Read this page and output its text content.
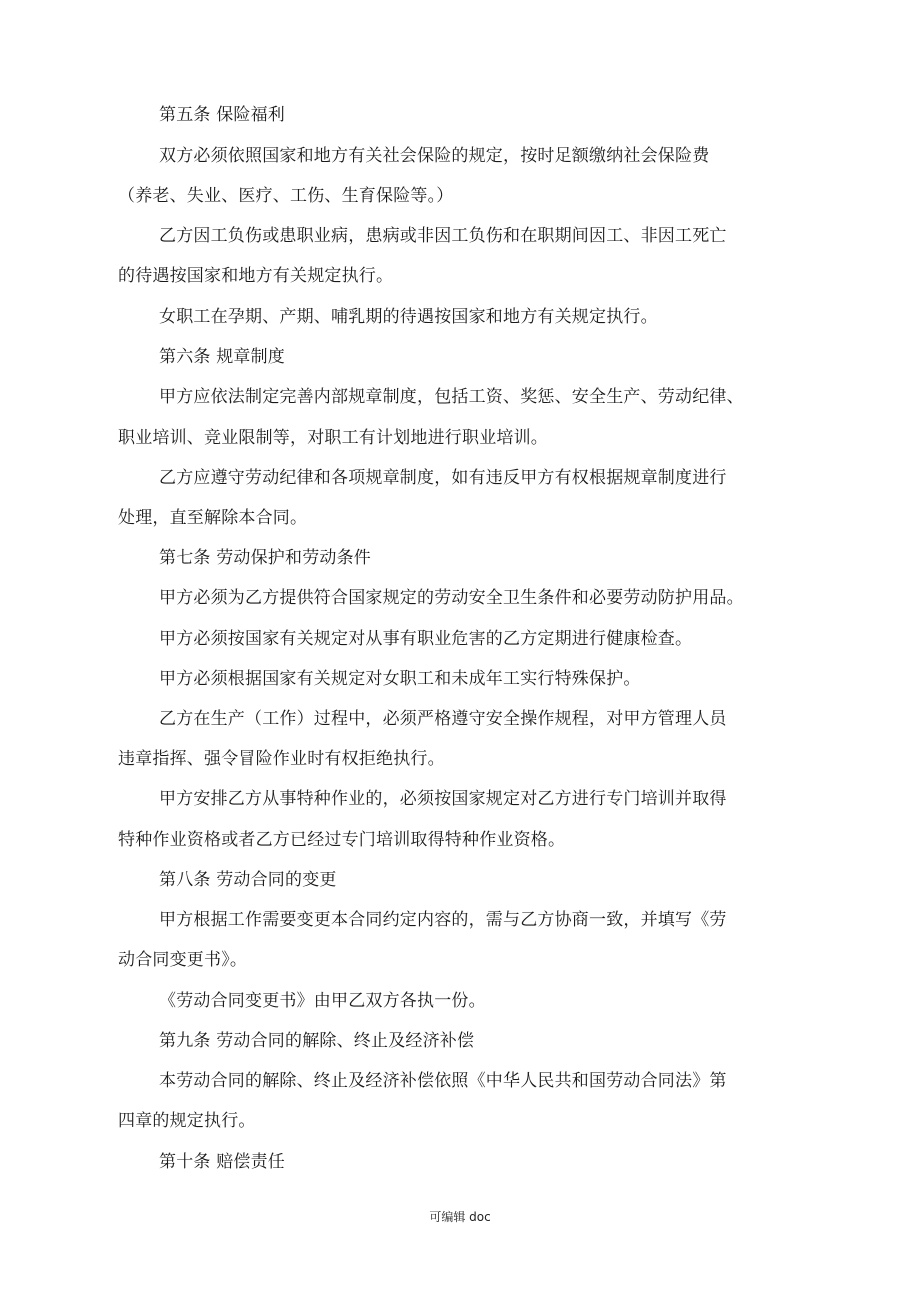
第五条 保险福利
双方必须依照国家和地方有关社会保险的规定，按时足额缴纳社会保险费
（养老、失业、医疗、工伤、生育保险等。）
乙方因工负伤或患职业病，患病或非因工负伤和在职期间因工、非因工死亡
的待遇按国家和地方有关规定执行。
女职工在孕期、产期、哺乳期的待遇按国家和地方有关规定执行。
第六条 规章制度
甲方应依法制定完善内部规章制度，包括工资、奖惩、安全生产、劳动纪律、
职业培训、竞业限制等，对职工有计划地进行职业培训。
乙方应遵守劳动纪律和各项规章制度，如有违反甲方有权根据规章制度进行
处理，直至解除本合同。
第七条 劳动保护和劳动条件
甲方必须为乙方提供符合国家规定的劳动安全卫生条件和必要劳动防护用品。
甲方必须按国家有关规定对从事有职业危害的乙方定期进行健康检查。
甲方必须根据国家有关规定对女职工和未成年工实行特殊保护。
乙方在生产（工作）过程中，必须严格遵守安全操作规程，对甲方管理人员
违章指挥、强令冒险作业时有权拒绝执行。
甲方安排乙方从事特种作业的，必须按国家规定对乙方进行专门培训并取得
特种作业资格或者乙方已经过专门培训取得特种作业资格。
第八条 劳动合同的变更
甲方根据工作需要变更本合同约定内容的，需与乙方协商一致，并填写《劳
动合同变更书》。
《劳动合同变更书》由甲乙双方各执一份。
第九条 劳动合同的解除、终止及经济补偿
本劳动合同的解除、终止及经济补偿依照《中华人民共和国劳动合同法》第
四章的规定执行。
第十条 赔偿责任
可编辑 doc
